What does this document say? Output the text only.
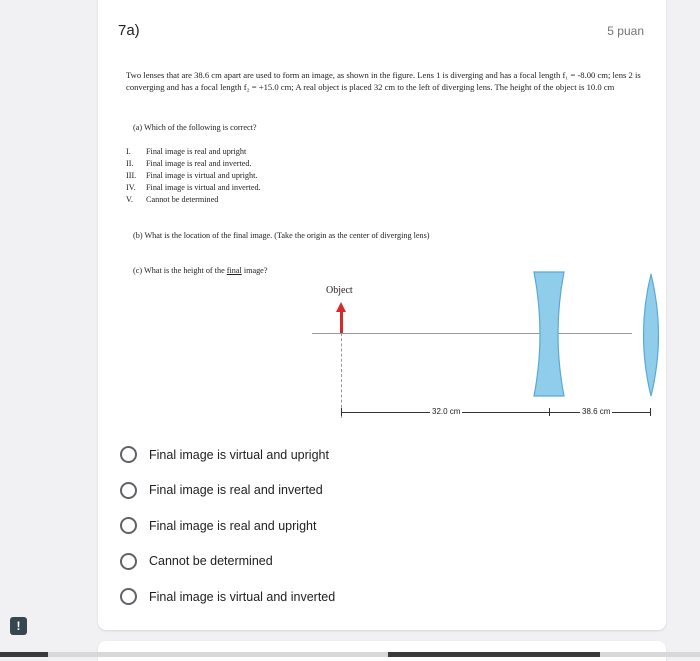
7a)	5 puan

Two lenses that are 38.6 cm apart are used to form an image, as shown in the figure. Lens 1 is diverging and has a focal length f₁ = -8.00 cm; lens 2 is converging and has a focal length f₂ = +15.0 cm; A real object is placed 32 cm to the left of diverging lens. The height of the object is 10.0 cm

(a) Which of the following is correct?
I.	Final image is real and upright
II.	Final image is real and inverted.
III.	Final image is virtual and upright.
IV.	Final image is virtual and inverted.
V.	Cannot be determined
(b) What is the location of the final image. (Take the origin as the center of diverging lens)
(c) What is the height of the final image?
Object
32.0 cm	38.6 cm
Final image is virtual and upright
Final image is real and inverted
Final image is real and upright
Cannot be determined
Final image is virtual and inverted
!
